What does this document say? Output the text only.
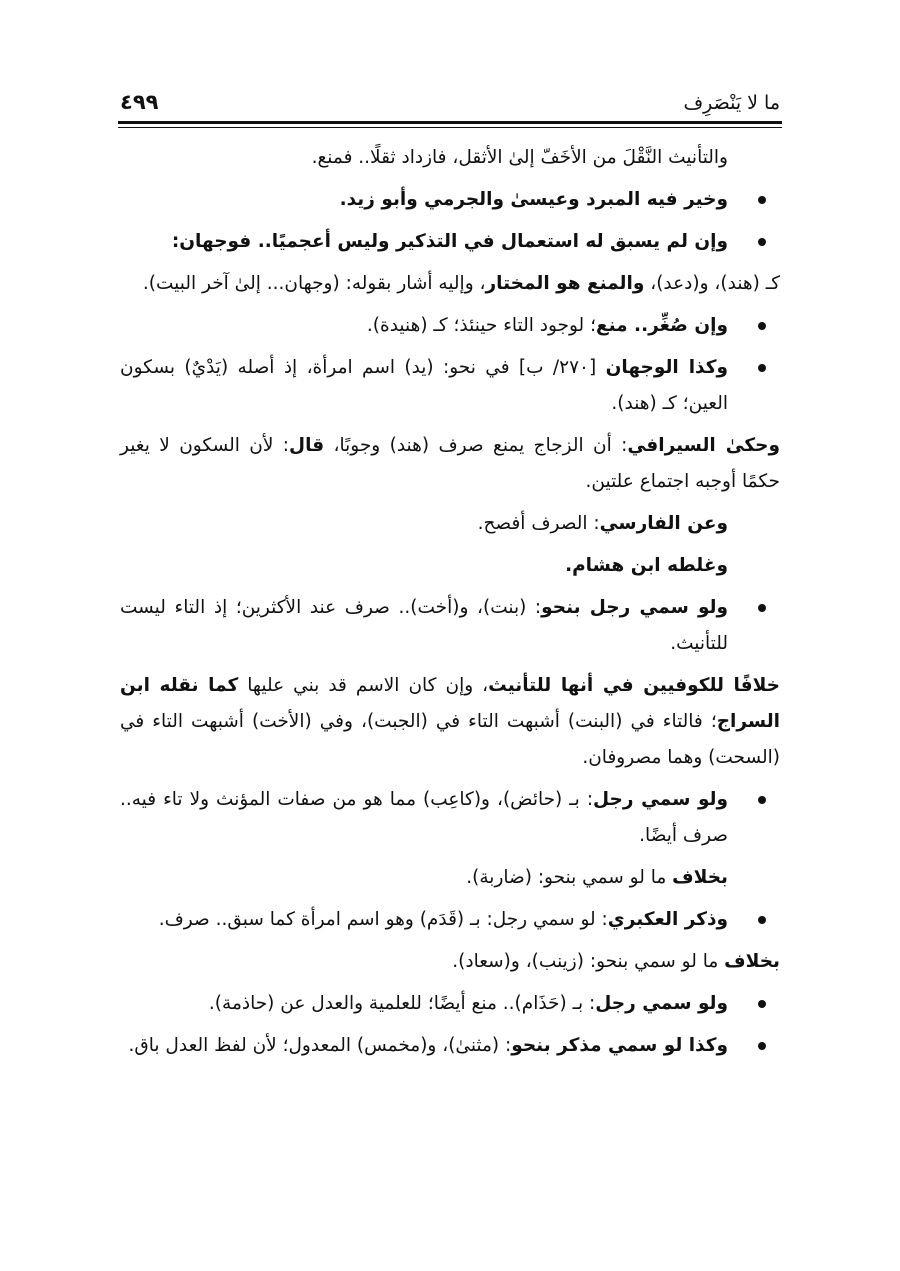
ما لا يَنْصَرِف
٤٩٩

والتأنيث النَّقْلَ من الأخَفّ إلىٰ الأثقل، فازداد ثقلًا.. فمنع.

وخير فيه المبرد وعيسىٰ والجرمي وأبو زيد.
وإن لم يسبق له استعمال في التذكير وليس أعجميًا.. فوجهان:

كـ (هند)، و(دعد)، والمنع هو المختار، وإليه أشار بقوله: (وجهان... إلىٰ آخر البيت).

وإن صُغِّر.. منع؛ لوجود التاء حينئذ؛ كـ (هنيدة).
وكذا الوجهان [٢٧٠/ ب] في نحو: (يد) اسم امرأة، إذ أصله (يَدْيٌ) بسكون العين؛ كـ (هند).

وحكىٰ السيرافي: أن الزجاج يمنع صرف (هند) وجوبًا، قال: لأن السكون لا يغير حكمًا أوجبه اجتماع علتين.

وعن الفارسي: الصرف أفصح.

وغلطه ابن هشام.

ولو سمي رجل بنحو: (بنت)، و(أخت).. صرف عند الأكثرين؛ إذ التاء ليست للتأنيث.

خلافًا للكوفيين في أنها للتأنيث، وإن كان الاسم قد بني عليها كما نقله ابن السراج؛ فالتاء في (البنت) أشبهت التاء في (الجبت)، وفي (الأخت) أشبهت التاء في (السحت) وهما مصروفان.

ولو سمي رجل: بـ (حائض)، و(كاعِب) مما هو من صفات المؤنث ولا تاء فيه.. صرف أيضًا.

بخلاف ما لو سمي بنحو: (ضاربة).

وذكر العكبري: لو سمي رجل: بـ (قَدَم) وهو اسم امرأة كما سبق.. صرف.

بخلاف ما لو سمي بنحو: (زينب)، و(سعاد).

ولو سمي رجل: بـ (حَذَام).. منع أيضًا؛ للعلمية والعدل عن (حاذمة).
وكذا لو سمي مذكر بنحو: (مثنىٰ)، و(مخمس) المعدول؛ لأن لفظ العدل باق.
